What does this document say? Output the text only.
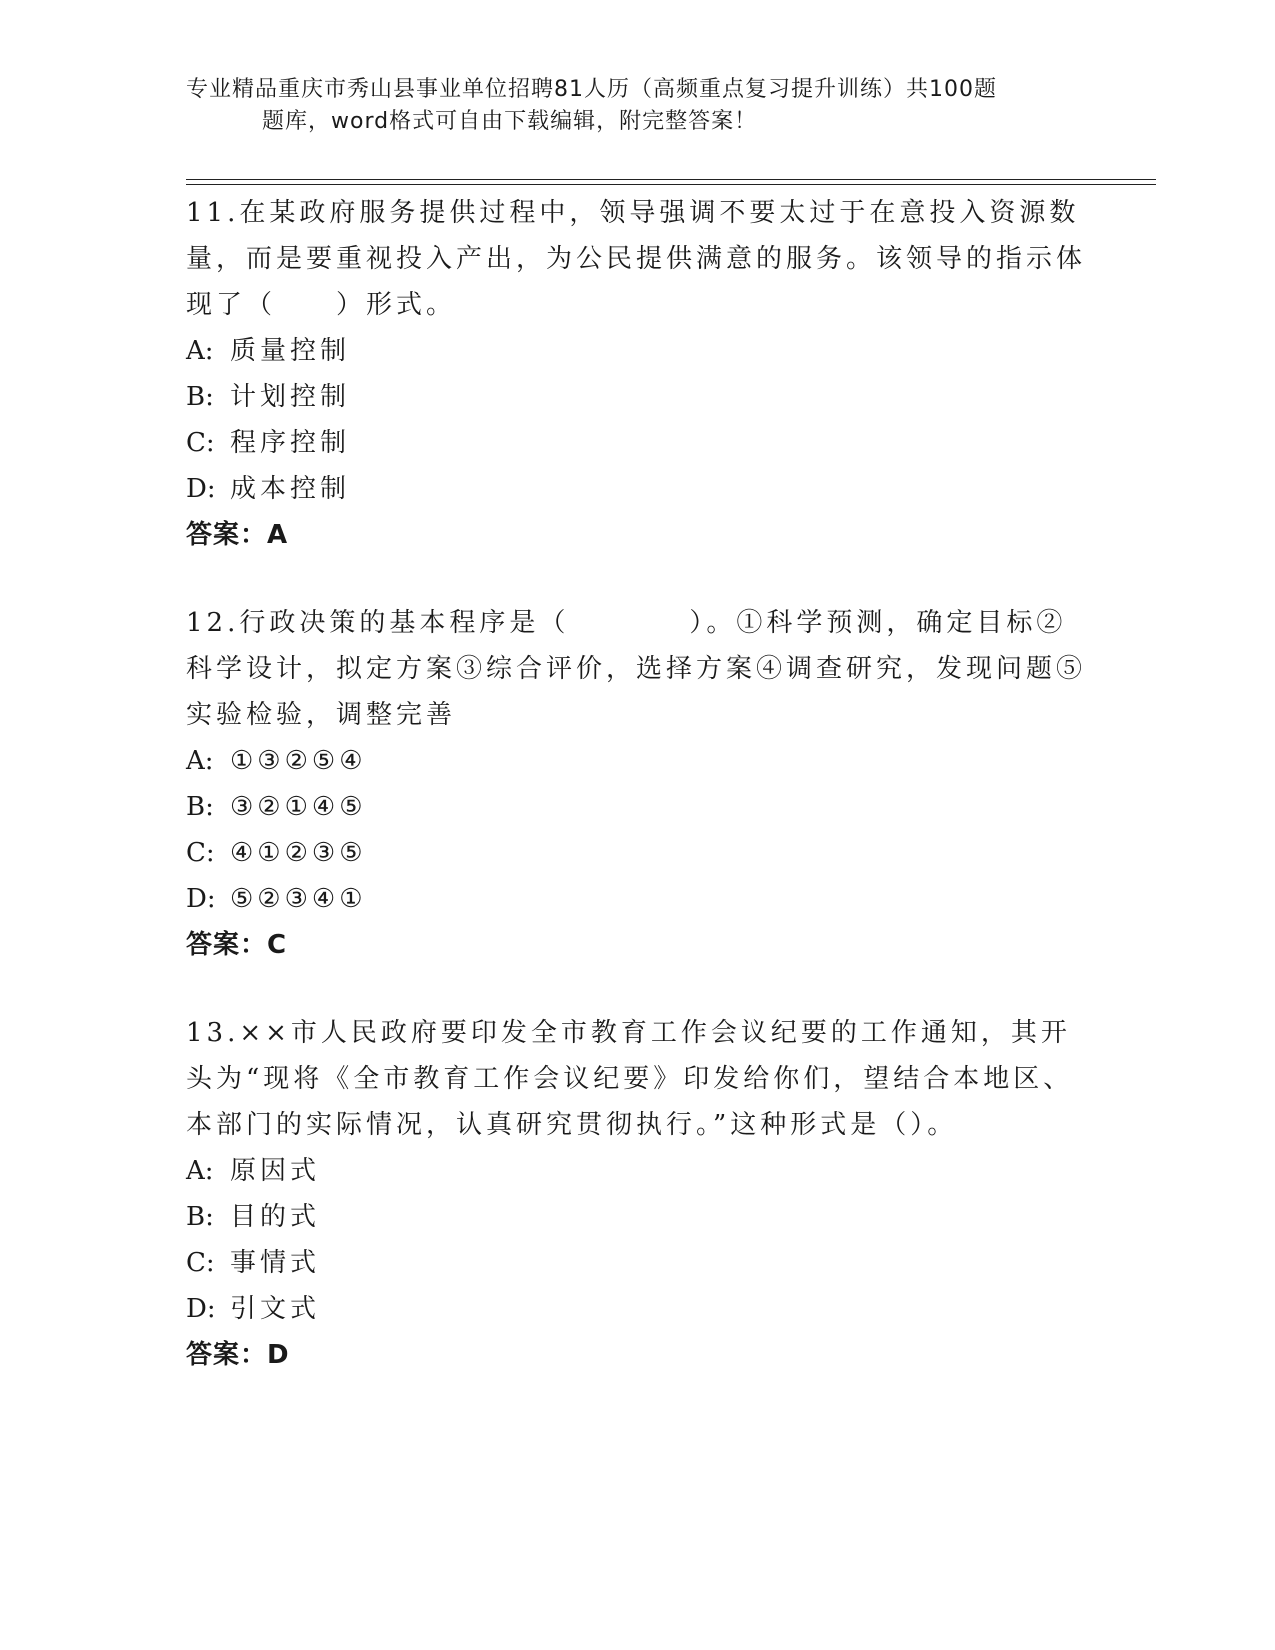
专业精品重庆市秀山县事业单位招聘81人历（高频重点复习提升训练）共100题
题库，word格式可自由下载编辑，附完整答案！

11.在某政府服务提供过程中，领导强调不要太过于在意投入资源数量，而是要重视投入产出，为公民提供满意的服务。该领导的指示体现了（　　）形式。

A: 质量控制
B: 计划控制
C: 程序控制
D: 成本控制
答案：A

12.行政决策的基本程序是（　　　　）。①科学预测，确定目标②科学设计，拟定方案③综合评价，选择方案④调查研究，发现问题⑤实验检验，调整完善

A: ①③②⑤④
B: ③②①④⑤
C: ④①②③⑤
D: ⑤②③④①
答案：C

13.××市人民政府要印发全市教育工作会议纪要的工作通知，其开头为“现将《全市教育工作会议纪要》印发给你们，望结合本地区、本部门的实际情况，认真研究贯彻执行。”这种形式是（）。

A: 原因式
B: 目的式
C: 事情式
D: 引文式
答案：D
